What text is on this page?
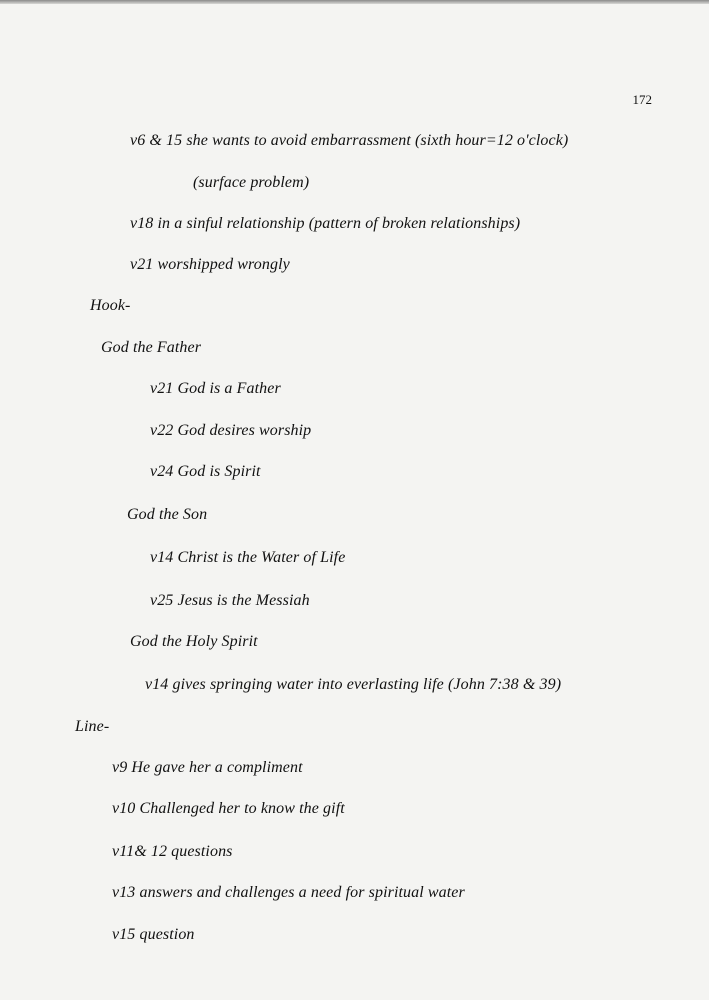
172
v6 & 15 she wants to avoid embarrassment (sixth hour=12 o'clock)
(surface problem)
v18 in a sinful relationship (pattern of broken relationships)
v21 worshipped wrongly
Hook-
God the Father
v21 God is a Father
v22 God desires worship
v24 God is Spirit
God the Son
v14 Christ is the Water of Life
v25 Jesus is the Messiah
God the Holy Spirit
v14 gives springing water into everlasting life (John 7:38 & 39)
Line-
v9 He gave her a compliment
v10 Challenged her to know the gift
v11& 12 questions
v13 answers and challenges a need for spiritual water
v15 question
